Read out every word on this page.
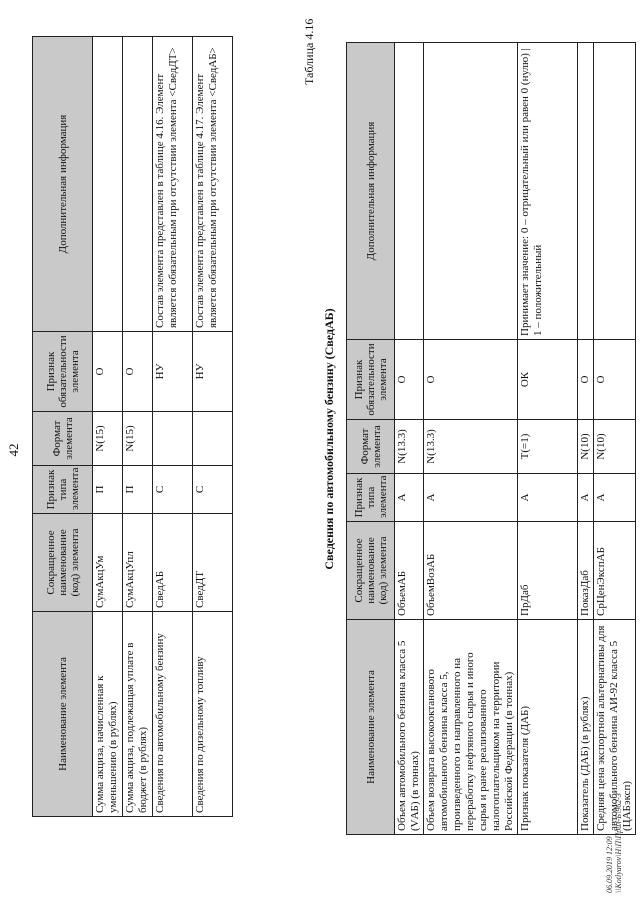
42
Наименование элемента	Сокращенное наименование (код) элемента	Признак типа элемента	Формат элемента	Признак обязательности элемента	Дополнительная информация
Сумма акциза, начисленная к уменьшению (в рублях)	СумАкцУм	П	N(15)	О	
Сумма акциза, подлежащая уплате в бюджет (в рублях)	СумАкцУпл	П	N(15)	О	
Сведения по автомобильному бензину	СведАБ	С		НУ	Состав элемента представлен в таблице 4.16. Элемент является обязательным при отсутствии элемента <СведДТ>
Сведения по дизельному топливу	СведДТ	С		НУ	Состав элемента представлен в таблице 4.17. Элемент является обязательным при отсутствии элемента <СведАБ>	Таблица 4.16
Сведения по автомобильному бензину (СведАБ)
Наименование элемента	Сокращенное наименование (код) элемента	Признак типа элемента	Формат элемента	Признак обязательности элемента	Дополнительная информация
Объем автомобильного бензина класса 5 (VАБ) (в тоннах)	ОбъемАБ	А	N(13.3)	О	
Объем возврата высокооктанового автомобильного бензина класса 5, произведенного из направленного на переработку нефтяного сырья и иного сырья и ранее реализованного налогоплательщиком на территории Российской Федерации (в тоннах)	ОбъемВозАБ	А	N(13.3)	О	
Признак показателя (ДАБ)	ПрДаб	А	Т(=1)	ОК	Принимает значение: 0 – отрицательный или равен 0 (нулю) | 1 – положительный
Показатель (ДАБ) (в рублях)	ПоказДаб	А	N(10)	О	
Средняя цена экспортной альтернативы для автомобильного бензина АИ-92 класса 5 (ЦАБэксп)	СрЦенЭкспАБ	А	N(10)	О	
06.09.2019 12:09 \\Kotlyarov\Н\П\Прил-Б\962-3
